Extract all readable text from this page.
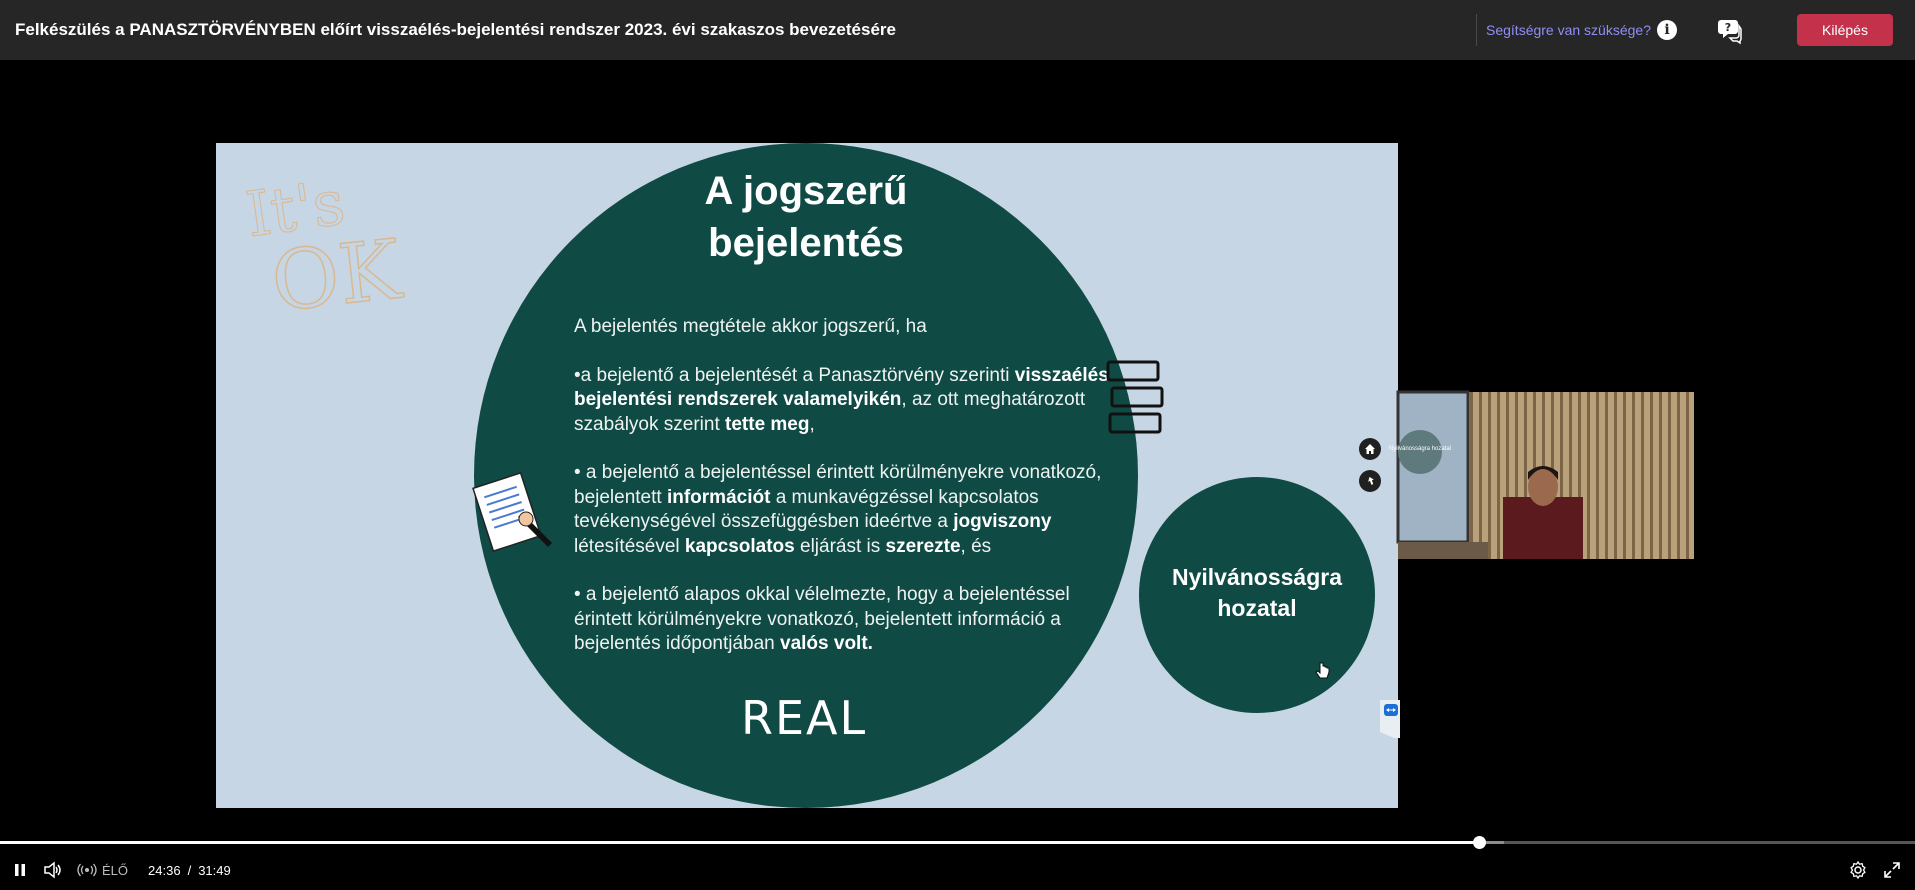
Felkészülés a PANASZTÖRVÉNYBEN előírt visszaélés-bejelentési rendszer 2023. évi szakaszos bevezetésére	Segítségre van szüksége? i	?	Kilépés
It's
OK
A jogszerű
bejelentés

A bejelentés megtétele akkor jogszerű, ha

•a bejelentő a bejelentését a Panasztörvény szerinti visszaélés bejelentési rendszerek valamelyikén, az ott meghatározott szabályok szerint tette meg,

• a bejelentő a bejelentéssel érintett körülményekre vonatkozó, bejelentett információt a munkavégzéssel kapcsolatos tevékenységével összefüggésben ideértve a jogviszony létesítésével kapcsolatos eljárást is szerezte, és

• a bejelentő alapos okkal vélelmezte, hogy a bejelentéssel érintett körülményekre vonatkozó, bejelentett információ a bejelentés időpontjában valós volt.

REAL
Nyilvánosságra
hozatal
Nyilvánosságra hozatal
ÉLŐ 24:36 / 31:49
